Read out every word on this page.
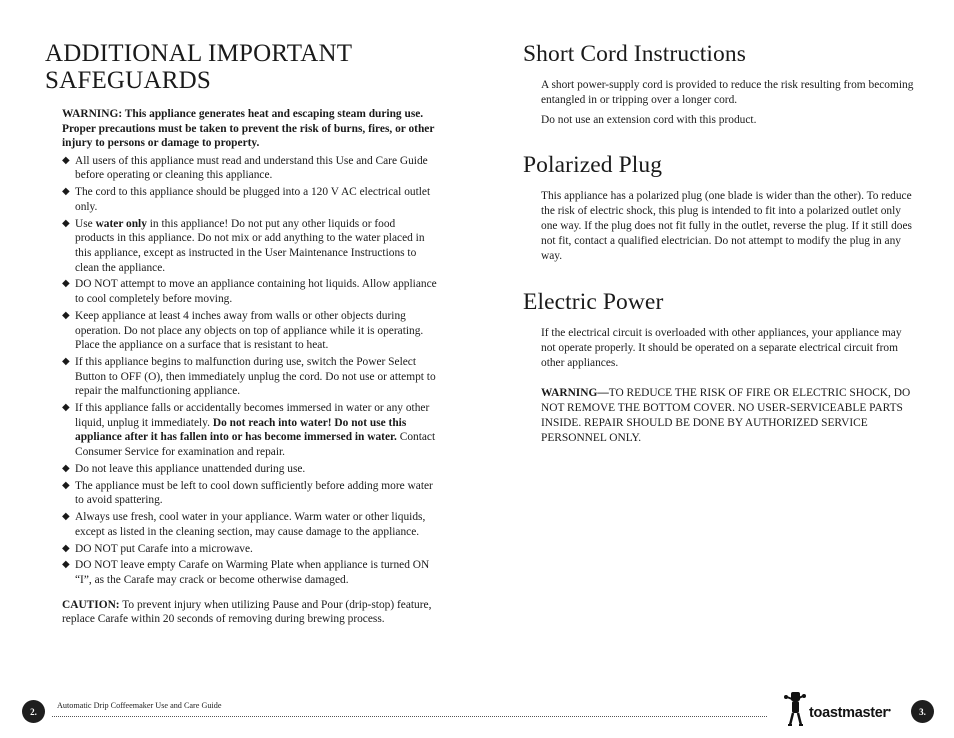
ADDITIONAL IMPORTANT
SAFEGUARDS

WARNING: This appliance generates heat and escaping steam during use. Proper precautions must be taken to prevent the risk of burns, fires, or other injury to persons or damage to property.

◆ All users of this appliance must read and understand this Use and Care Guide before operating or cleaning this appliance.
◆ The cord to this appliance should be plugged into a 120 V AC electrical outlet only.
◆ Use water only in this appliance! Do not put any other liquids or food products in this appliance. Do not mix or add anything to the water placed in this appliance, except as instructed in the User Maintenance Instructions to clean the appliance.
◆ DO NOT attempt to move an appliance containing hot liquids. Allow appliance to cool completely before moving.
◆ Keep appliance at least 4 inches away from walls or other objects during operation. Do not place any objects on top of appliance while it is operating. Place the appliance on a surface that is resistant to heat.
◆ If this appliance begins to malfunction during use, switch the Power Select Button to OFF (O), then immediately unplug the cord. Do not use or attempt to repair the malfunctioning appliance.
◆ If this appliance falls or accidentally becomes immersed in water or any other liquid, unplug it immediately. Do not reach into water! Do not use this appliance after it has fallen into or has become immersed in water. Contact Consumer Service for examination and repair.
◆ Do not leave this appliance unattended during use.
◆ The appliance must be left to cool down sufficiently before adding more water to avoid spattering.
◆ Always use fresh, cool water in your appliance. Warm water or other liquids, except as listed in the cleaning section, may cause damage to the appliance.
◆ DO NOT put Carafe into a microwave.
◆ DO NOT leave empty Carafe on Warming Plate when appliance is turned ON “I”, as the Carafe may crack or become otherwise damaged.

CAUTION: To prevent injury when utilizing Pause and Pour (drip-stop) feature, replace Carafe within 20 seconds of removing during brewing process.

Short Cord Instructions

A short power-supply cord is provided to reduce the risk resulting from becoming entangled in or tripping over a longer cord.

Do not use an extension cord with this product.

Polarized Plug

This appliance has a polarized plug (one blade is wider than the other). To reduce the risk of electric shock, this plug is intended to fit into a polarized outlet only one way. If the plug does not fit fully in the outlet, reverse the plug. If it still does not fit, contact a qualified electrician. Do not attempt to modify the plug in any way.

Electric Power

If the electrical circuit is overloaded with other appliances, your appliance may not operate properly. It should be operated on a separate electrical circuit from other appliances.

WARNING—TO REDUCE THE RISK OF FIRE OR ELECTRIC SHOCK, DO NOT REMOVE THE BOTTOM COVER. NO USER-SERVICEABLE PARTS INSIDE. REPAIR SHOULD BE DONE BY AUTHORIZED SERVICE PERSONNEL ONLY.

2.
Automatic Drip Coffeemaker Use and Care Guide	toastmaster•	3.
